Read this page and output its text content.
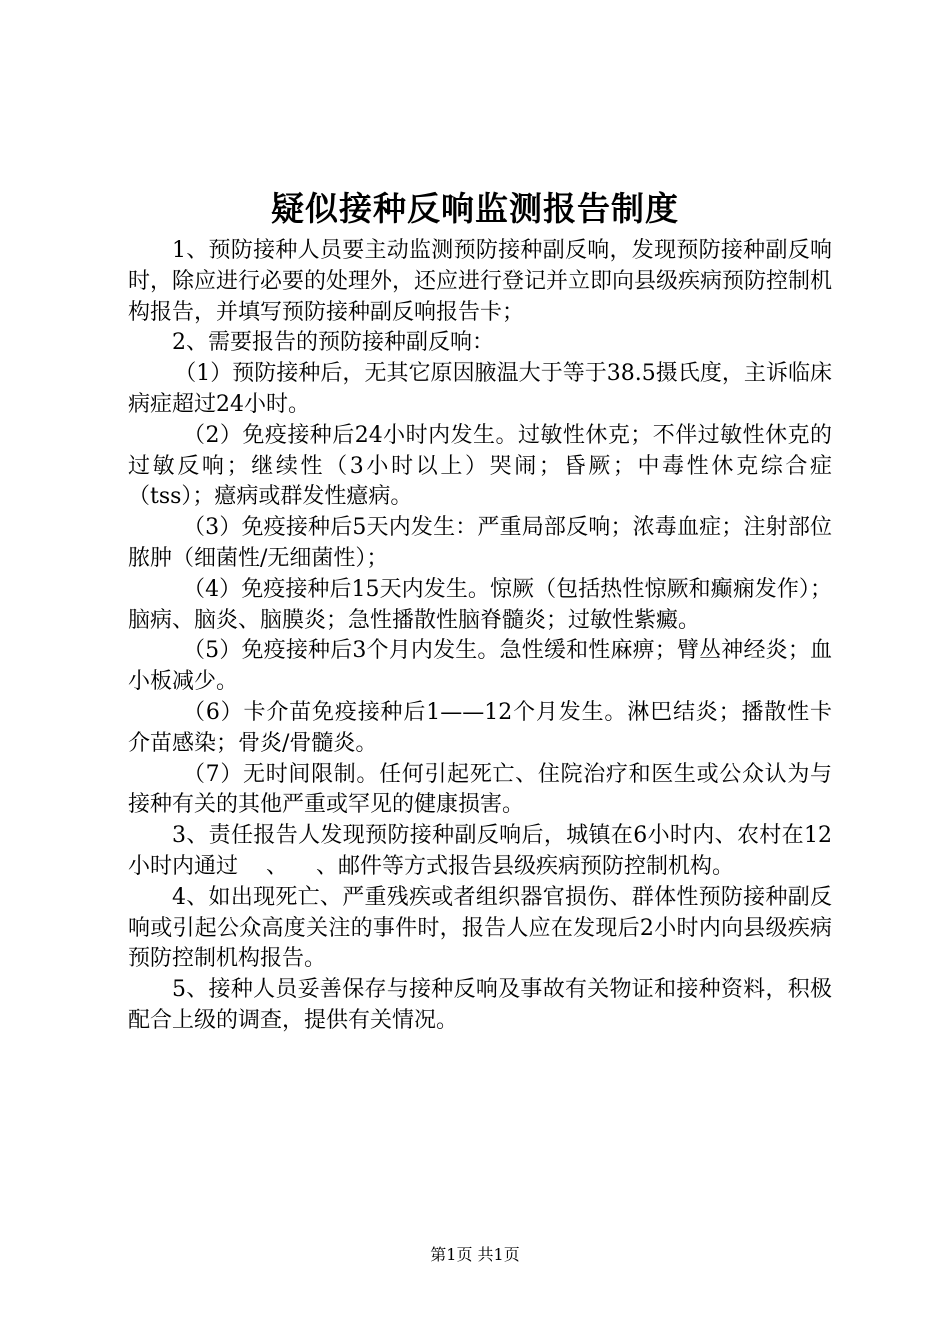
疑似接种反响监测报告制度

1、预防接种人员要主动监测预防接种副反响，发现预防接种副反响时，除应进行必要的处理外，还应进行登记并立即向县级疾病预防控制机构报告，并填写预防接种副反响报告卡；

2、需要报告的预防接种副反响：

（1）预防接种后，无其它原因腋温大于等于38.5摄氏度，主诉临床病症超过24小时。

（2）免疫接种后24小时内发生。过敏性休克；不伴过敏性休克的过敏反响；继续性（3小时以上）哭闹；昏厥；中毒性休克综合症（tss）；癔病或群发性癔病。

（3）免疫接种后5天内发生：严重局部反响；浓毒血症；注射部位脓肿（细菌性/无细菌性）；

（4）免疫接种后15天内发生。惊厥（包括热性惊厥和癫痫发作）；脑病、脑炎、脑膜炎；急性播散性脑脊髓炎；过敏性紫癜。

（5）免疫接种后3个月内发生。急性缓和性麻痹；臂丛神经炎；血小板减少。

（6）卡介苗免疫接种后1——12个月发生。淋巴结炎；播散性卡介苗感染；骨炎/骨髓炎。

（7）无时间限制。任何引起死亡、住院治疗和医生或公众认为与接种有关的其他严重或罕见的健康损害。

3、责任报告人发现预防接种副反响后，城镇在6小时内、农村在12小时内通过    、    、邮件等方式报告县级疾病预防控制机构。

4、如出现死亡、严重残疾或者组织器官损伤、群体性预防接种副反响或引起公众高度关注的事件时，报告人应在发现后2小时内向县级疾病预防控制机构报告。

5、接种人员妥善保存与接种反响及事故有关物证和接种资料，积极配合上级的调查，提供有关情况。

第1页 共1页
